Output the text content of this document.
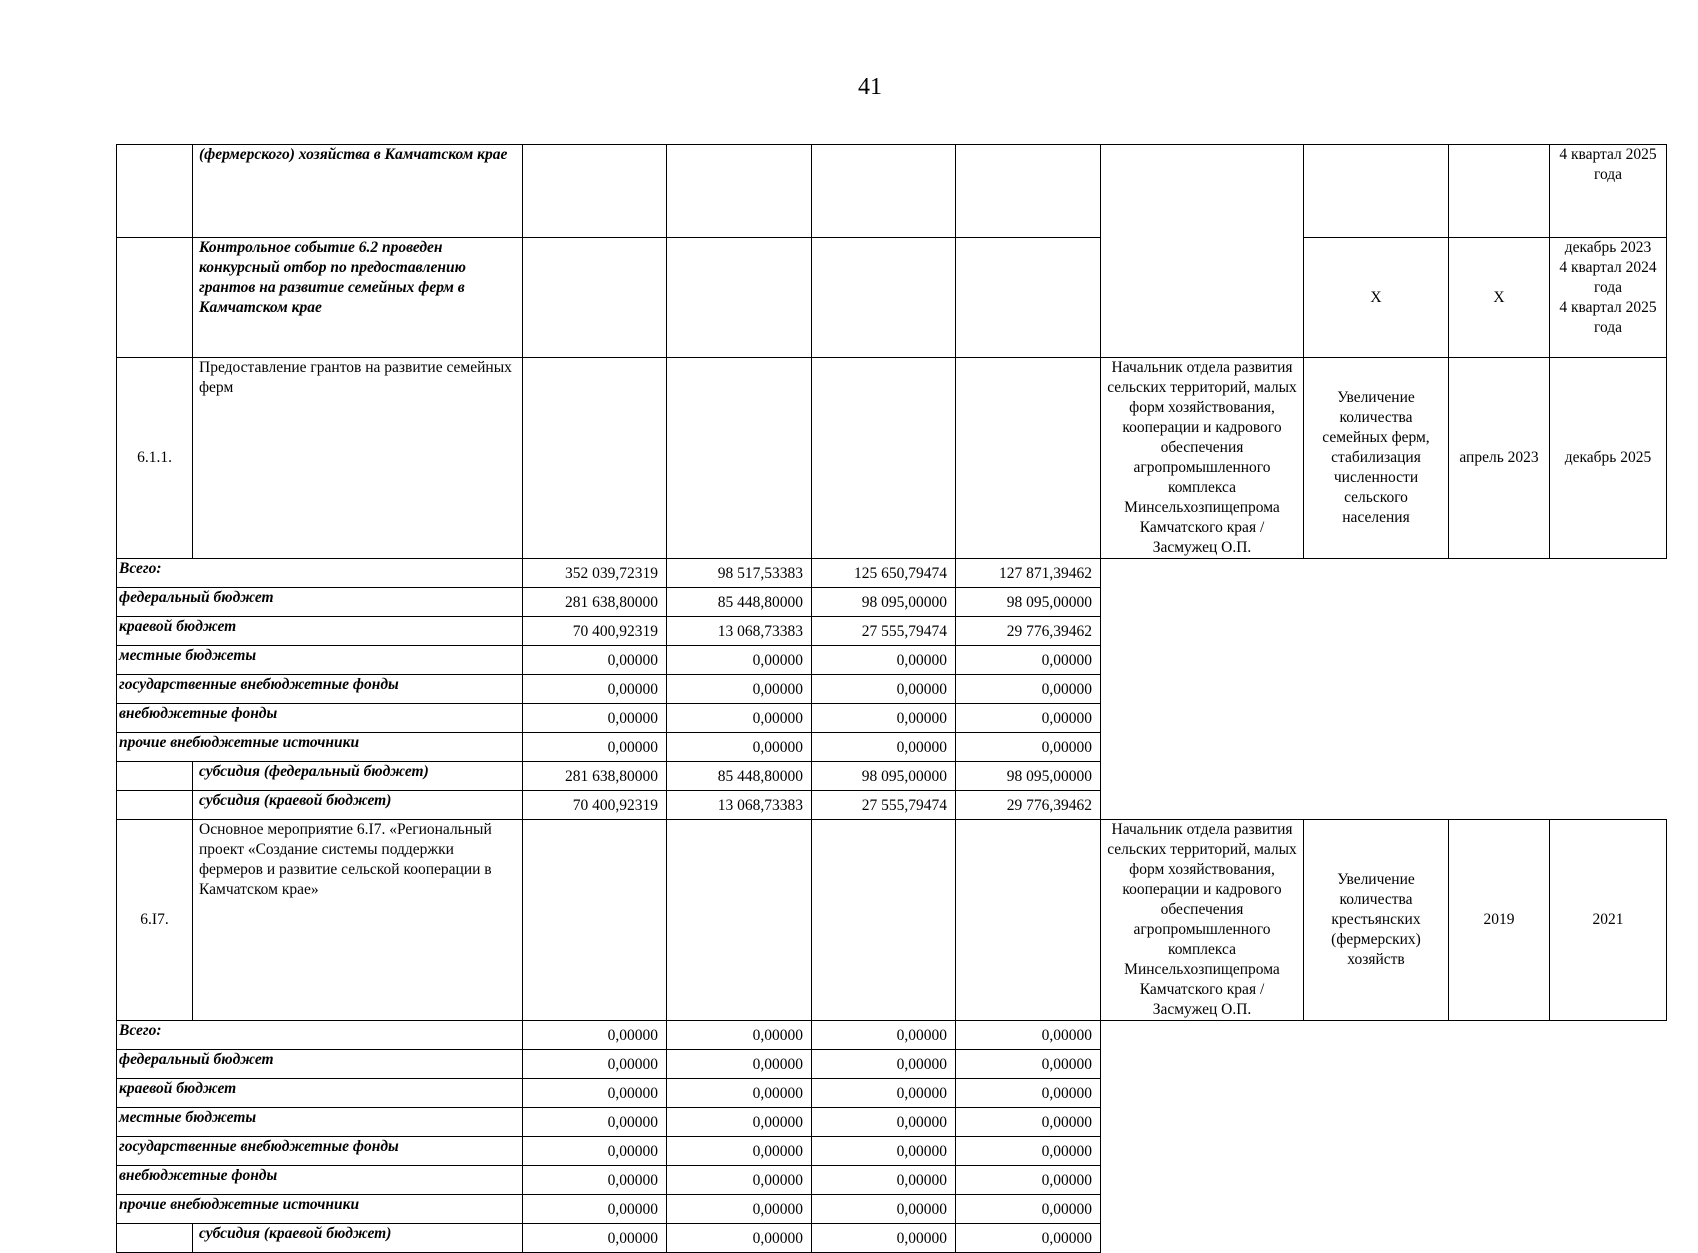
41
	(фермерского) хозяйства в Камчатском крае								4 квартал 2025 года
	Контрольное событие 6.2 проведен конкурсный отбор по предоставлению грантов на развитие семейных ферм в Камчатском крае						X	X	декабрь 2023
4 квартал 2024 года
4 квартал 2025 года

6.1.1.	Предоставление грантов на развитие семейных ферм					Начальник отдела развития сельских территорий, малых форм хозяйствования, кооперации и кадрового обеспечения агропромышленного комплекса Минсельхозпищепрома Камчатского края / Засмужец О.П.	Увеличение количества семейных ферм, стабилизация численности сельского населения	апрель 2023	декабрь 2025
Всего:		352 039,72319	98 517,53383	125 650,79474	127 871,39462				
федеральный бюджет		281 638,80000	85 448,80000	98 095,00000	98 095,00000				
краевой бюджет		70 400,92319	13 068,73383	27 555,79474	29 776,39462				
местные бюджеты		0,00000	0,00000	0,00000	0,00000				
государственные внебюджетные фонды		0,00000	0,00000	0,00000	0,00000				
внебюджетные фонды		0,00000	0,00000	0,00000	0,00000				
прочие внебюджетные источники		0,00000	0,00000	0,00000	0,00000				
	субсидия (федеральный бюджет)	281 638,80000	85 448,80000	98 095,00000	98 095,00000				
	субсидия (краевой бюджет)	70 400,92319	13 068,73383	27 555,79474	29 776,39462				
6.I7.	Основное мероприятие 6.I7. «Региональный проект «Создание системы поддержки фермеров и развитие сельской кооперации в Камчатском крае»					Начальник отдела развития сельских территорий, малых форм хозяйствования, кооперации и кадрового обеспечения агропромышленного комплекса Минсельхозпищепрома Камчатского края / Засмужец О.П.	Увеличение количества крестьянских (фермерских) хозяйств	2019	2021
Всего:		0,00000	0,00000	0,00000	0,00000				
федеральный бюджет		0,00000	0,00000	0,00000	0,00000				
краевой бюджет		0,00000	0,00000	0,00000	0,00000				
местные бюджеты		0,00000	0,00000	0,00000	0,00000				
государственные внебюджетные фонды		0,00000	0,00000	0,00000	0,00000				
внебюджетные фонды		0,00000	0,00000	0,00000	0,00000				
прочие внебюджетные источники		0,00000	0,00000	0,00000	0,00000				
	субсидия (краевой бюджет)	0,00000	0,00000	0,00000	0,00000				
